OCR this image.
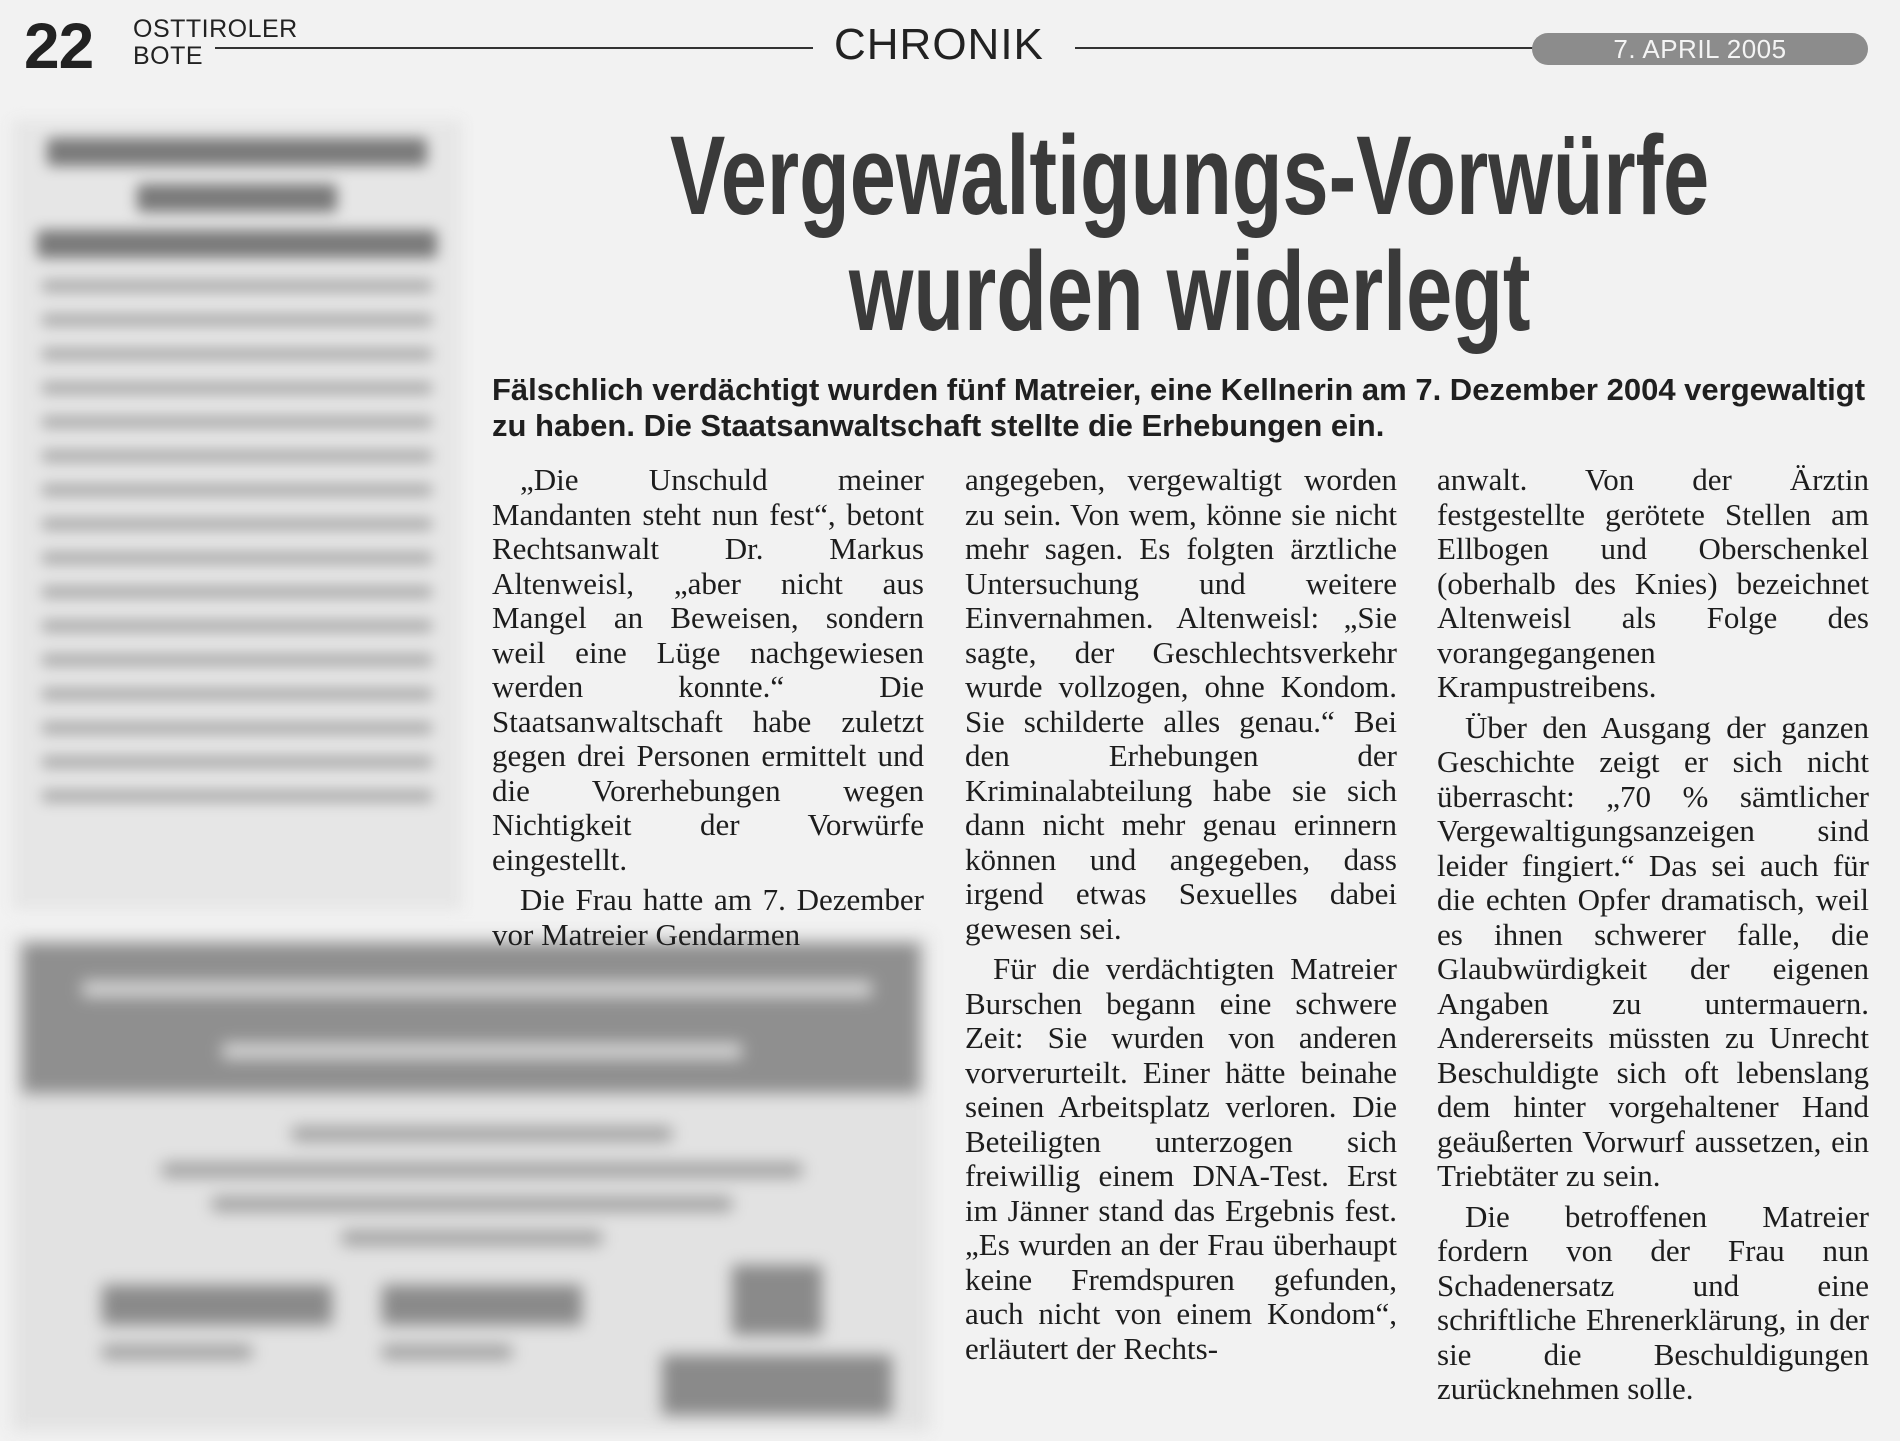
22 OSTTIROLER
BOTE	CHRONIK	7. APRIL 2005
Vergewaltigungs-Vorwürfe
wurden widerlegt

Fälschlich verdächtigt wurden fünf Matreier, eine Kellnerin am 7. Dezember 2004 vergewaltigt zu haben. Die Staatsanwaltschaft stellte die Erhebungen ein.

„Die Unschuld meiner Mandanten steht nun fest“, betont Rechtsanwalt Dr. Markus Altenweisl, „aber nicht aus Mangel an Beweisen, sondern weil eine Lüge nachgewiesen werden konnte.“ Die Staatsanwaltschaft habe zuletzt gegen drei Personen ermittelt und die Vorerhebungen wegen Nichtigkeit der Vorwürfe eingestellt.

Die Frau hatte am 7. Dezember vor Matreier Gendarmen

angegeben, vergewaltigt worden zu sein. Von wem, könne sie nicht mehr sagen. Es folgten ärztliche Untersuchung und weitere Einvernahmen. Altenweisl: „Sie sagte, der Geschlechtsverkehr wurde vollzogen, ohne Kondom. Sie schilderte alles genau.“ Bei den Erhebungen der Kriminalabteilung habe sie sich dann nicht mehr genau erinnern können und angegeben, dass irgend etwas Sexuelles dabei gewesen sei.

Für die verdächtigten Matreier Burschen begann eine schwere Zeit: Sie wurden von anderen vorverurteilt. Einer hätte beinahe seinen Arbeitsplatz verloren. Die Beteiligten unterzogen sich freiwillig einem DNA-Test. Erst im Jänner stand das Ergebnis fest. „Es wurden an der Frau überhaupt keine Fremdspuren gefunden, auch nicht von einem Kondom“, erläutert der Rechts-

anwalt. Von der Ärztin festgestellte gerötete Stellen am Ellbogen und Oberschenkel (oberhalb des Knies) bezeichnet Altenweisl als Folge des vorangegangenen Krampustreibens.

Über den Ausgang der ganzen Geschichte zeigt er sich nicht überrascht: „70 % sämtlicher Vergewaltigungsanzeigen sind leider fingiert.“ Das sei auch für die echten Opfer dramatisch, weil es ihnen schwerer falle, die Glaubwürdigkeit der eigenen Angaben zu untermauern. Andererseits müssten zu Unrecht Beschuldigte sich oft lebenslang dem hinter vorgehaltener Hand geäußerten Vorwurf aussetzen, ein Triebtäter zu sein.

Die betroffenen Matreier fordern von der Frau nun Schadenersatz und eine schriftliche Ehrenerklärung, in der sie die Beschuldigungen zurücknehmen solle.
